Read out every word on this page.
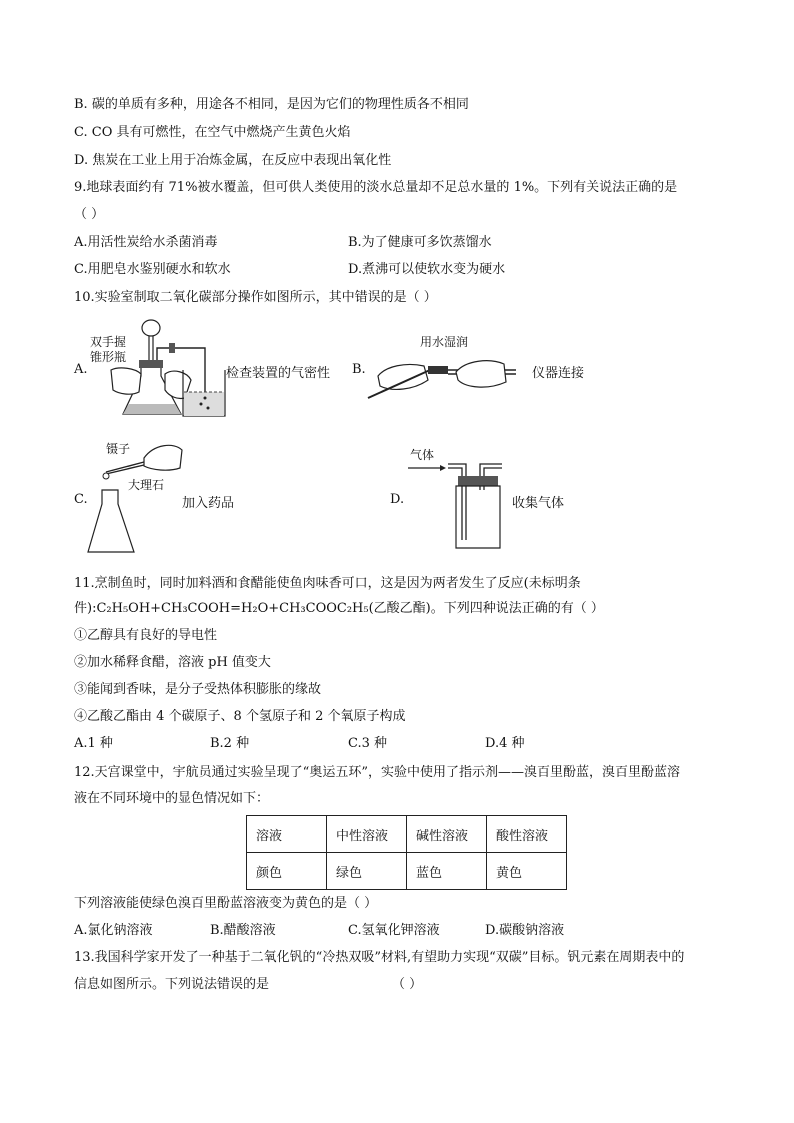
B. 碳的单质有多种，用途各不相同，是因为它们的物理性质各不相同
C. CO 具有可燃性，在空气中燃烧产生黄色火焰
D. 焦炭在工业上用于冶炼金属，在反应中表现出氧化性
9.地球表面约有 71%被水覆盖，但可供人类使用的淡水总量却不足总水量的 1%。下列有关说法正确的是
（ ）
A.用活性炭给水杀菌消毒	B.为了健康可多饮蒸馏水
C.用肥皂水鉴别硬水和软水	D.煮沸可以使软水变为硬水
10.实验室制取二氧化碳部分操作如图所示，其中错误的是（ ）
A.
双手握
锥形瓶
检查装置的气密性 B.
用水湿润
仪器连接
C.
镊子
大理石
加入药品	D.
气体
收集气体
11.烹制鱼时，同时加料酒和食醋能使鱼肉味香可口，这是因为两者发生了反应(未标明条
件):C₂H₅OH+CH₃COOH=H₂O+CH₃COOC₂H₅(乙酸乙酯)。下列四种说法正确的有（ ）
①乙醇具有良好的导电性
②加水稀释食醋，溶液 pH 值变大
③能闻到香味，是分子受热体积膨胀的缘故
④乙酸乙酯由 4 个碳原子、8 个氢原子和 2 个氧原子构成
A.1 种	B.2 种	C.3 种	D.4 种
12.天宫课堂中，宇航员通过实验呈现了“奥运五环”，实验中使用了指示剂——溴百里酚蓝，溴百里酚蓝溶
液在不同环境中的显色情况如下：
溶液	中性溶液	碱性溶液	酸性溶液
颜色	绿色	蓝色	黄色
下列溶液能使绿色溴百里酚蓝溶液变为黄色的是（ ）
A.氯化钠溶液	B.醋酸溶液	C.氢氧化钾溶液	D.碳酸钠溶液
13.我国科学家开发了一种基于二氧化钒的“冷热双吸”材料,有望助力实现“双碳”目标。钒元素在周期表中的
信息如图所示。下列说法错误的是	（ ）
